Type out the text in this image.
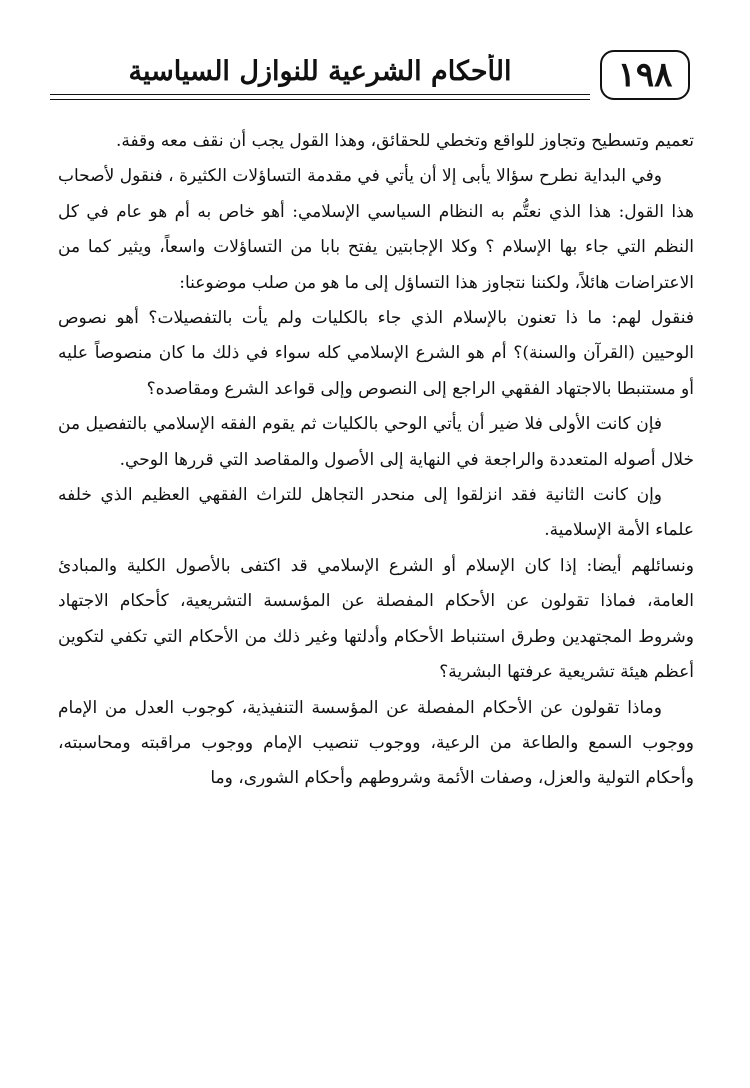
١٩٨
الأحكام الشرعية للنوازل السياسية

تعميم وتسطيح وتجاوز للواقع وتخطي للحقائق، وهذا القول يجب أن نقف معه وقفة.

وفي البداية نطرح سؤالا يأبى إلا أن يأتي في مقدمة التساؤلات الكثيرة ، فنقول لأصحاب هذا القول: هذا الذي نعتُّم به النظام السياسي الإسلامي: أهو خاص به أم هو عام في كل النظم التي جاء بها الإسلام ؟ وكلا الإجابتين يفتح بابا من التساؤلات واسعاً، ويثير كما من الاعتراضات هائلاً، ولكننا نتجاوز هذا التساؤل إلى ما هو من صلب موضوعنا:

فنقول لهم: ما ذا تعنون بالإسلام الذي جاء بالكليات ولم يأت بالتفصيلات؟ أهو نصوص الوحيين (القرآن والسنة)؟ أم هو الشرع الإسلامي كله سواء في ذلك ما كان منصوصاً عليه أو مستنبطا بالاجتهاد الفقهي الراجع إلى النصوص وإلى قواعد الشرع ومقاصده؟

فإن كانت الأولى فلا ضير أن يأتي الوحي بالكليات ثم يقوم الفقه الإسلامي بالتفصيل من خلال أصوله المتعددة والراجعة في النهاية إلى الأصول والمقاصد التي قررها الوحي.

وإن كانت الثانية فقد انزلقوا إلى منحدر التجاهل للتراث الفقهي العظيم الذي خلفه علماء الأمة الإسلامية.

ونسائلهم أيضا: إذا كان الإسلام أو الشرع الإسلامي قد اكتفى بالأصول الكلية والمبادئ العامة، فماذا تقولون عن الأحكام المفصلة عن المؤسسة التشريعية، كأحكام الاجتهاد وشروط المجتهدين وطرق استنباط الأحكام وأدلتها وغير ذلك من الأحكام التي تكفي لتكوين أعظم هيئة تشريعية عرفتها البشرية؟

وماذا تقولون عن الأحكام المفصلة عن المؤسسة التنفيذية، كوجوب العدل من الإمام ووجوب السمع والطاعة من الرعية، ووجوب تنصيب الإمام ووجوب مراقبته ومحاسبته، وأحكام التولية والعزل، وصفات الأئمة وشروطهم وأحكام الشورى، وما
